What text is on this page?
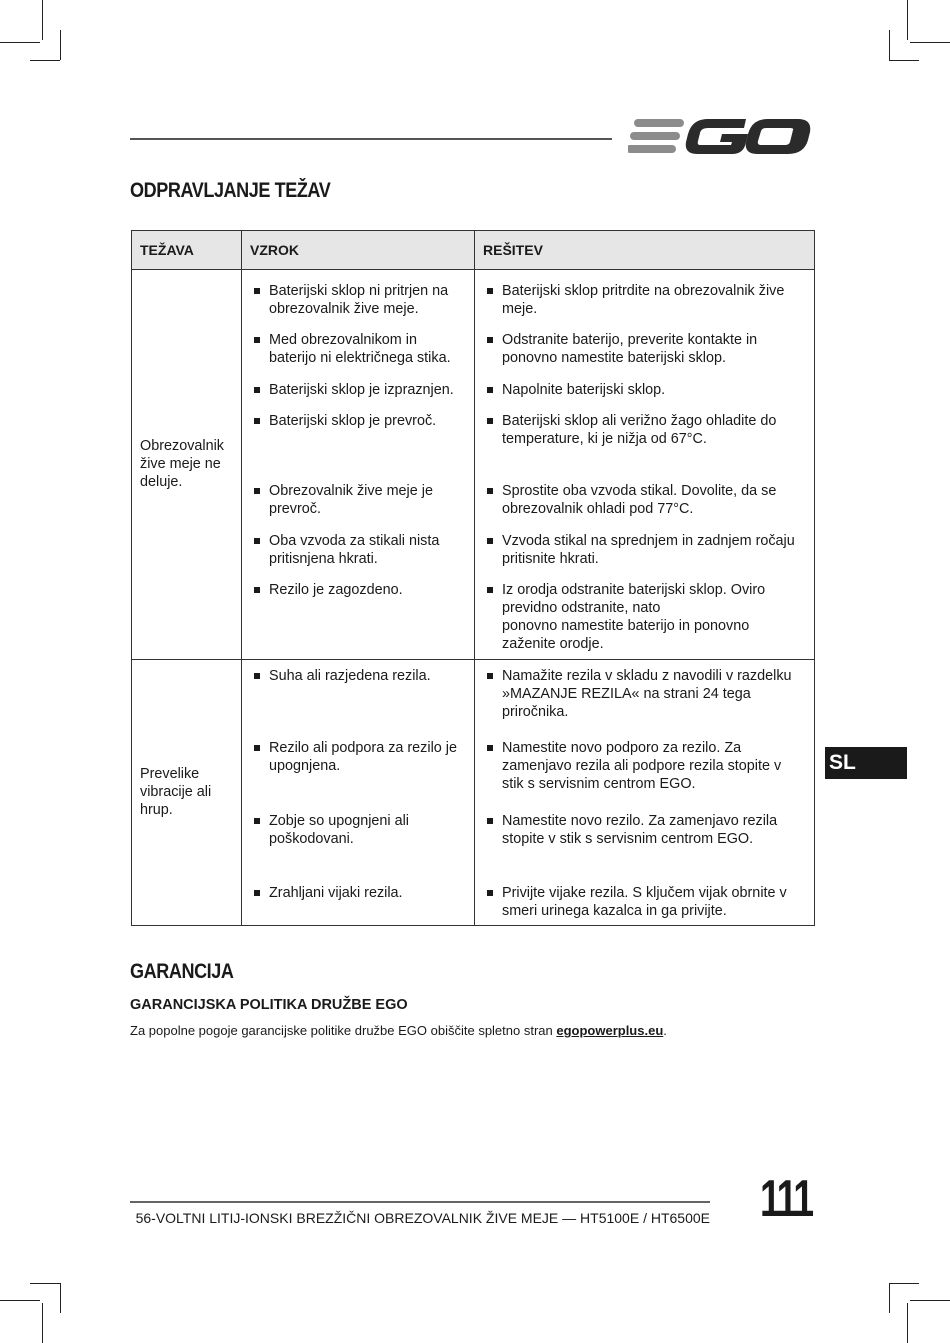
ODPRAVLJANJE TEŽAV
TEŽAVA	VZROK	REŠITEV
Obrezovalnik žive meje ne deluje.	Baterijski sklop ni pritrjen na obrezovalnik žive meje.	Baterijski sklop pritrdite na obrezovalnik žive meje.

	Med obrezovalnikom in baterijo ni električnega stika.	Odstranite baterijo, preverite kontakte in ponovno namestite baterijski sklop.

	Baterijski sklop je izpraznjen.	Napolnite baterijski sklop.

	Baterijski sklop je prevroč.	Baterijski sklop ali verižno žago ohladite do temperature, ki je nižja od 67°C.

	Obrezovalnik žive meje je prevroč.	Sprostite oba vzvoda stikal. Dovolite, da se obrezovalnik ohladi pod 77°C.

	Oba vzvoda za stikali nista pritisnjena hkrati.	Vzvoda stikal na sprednjem in zadnjem ročaju pritisnite hkrati.

	Rezilo je zagozdeno.	Iz orodja odstranite baterijski sklop. Oviro previdno odstranite, nato
ponovno namestite baterijo in ponovno zaženite orodje.

Prevelike vibracije ali hrup.	Suha ali razjedena rezila.	Namažite rezila v skladu z navodili v razdelku »MAZANJE REZILA« na strani 24 tega priročnika.

	Rezilo ali podpora za rezilo je upognjena.	Namestite novo podporo za rezilo. Za zamenjavo rezila ali podpore rezila stopite v stik s servisnim centrom EGO.

	Zobje so upognjeni ali poškodovani.	Namestite novo rezilo. Za zamenjavo rezila stopite v stik s servisnim centrom EGO.

	Zrahljani vijaki rezila.	Privijte vijake rezila. S ključem vijak obrnite v smeri urinega kazalca in ga privijte.
SL
GARANCIJA
GARANCIJSKA POLITIKA DRUŽBE EGO
Za popolne pogoje garancijske politike družbe EGO obiščite spletno stran egopowerplus.eu.
56-VOLTNI LITIJ-IONSKI BREZŽIČNI OBREZOVALNIK ŽIVE MEJE — HT5100E / HT6500E 111
